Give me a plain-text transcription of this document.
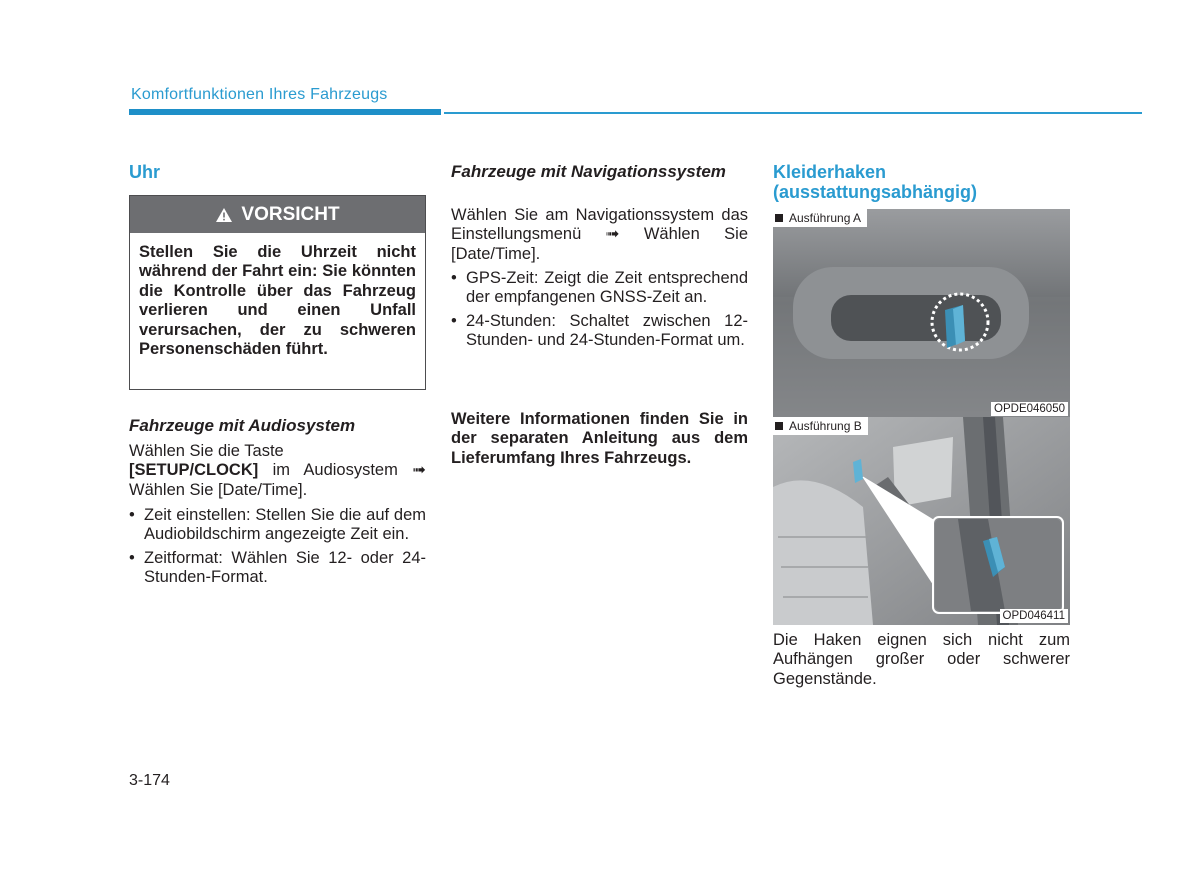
Komfortfunktionen Ihres Fahrzeugs
Uhr
VORSICHT
Stellen Sie die Uhrzeit nicht während der Fahrt ein: Sie könnten die Kontrolle über das Fahrzeug verlieren und einen Unfall verursachen, der zu schweren Personenschäden führt.
Fahrzeuge mit Audiosystem

Wählen Sie die Taste
[SETUP/CLOCK] im Audiosystem ➟ Wählen Sie [Date/Time].

• Zeit einstellen: Stellen Sie die auf dem Audiobildschirm angezeigte Zeit ein.
• Zeitformat: Wählen Sie 12- oder 24-Stunden-Format.
Fahrzeuge mit Navigationssystem

Wählen Sie am Navigationssystem das Einstellungsmenü ➟ Wählen Sie [Date/Time].

• GPS-Zeit: Zeigt die Zeit entsprechend der empfangenen GNSS-Zeit an.
• 24-Stunden: Schaltet zwischen 12-Stunden- und 24-Stunden-Format um.

Weitere Informationen finden Sie in der separaten Anleitung aus dem Lieferumfang Ihres Fahrzeugs.

Kleiderhaken (ausstattungsabhängig)
Ausführung A
OPDE046050
Ausführung B
OPD046411

Die Haken eignen sich nicht zum Aufhängen großer oder schwerer Gegenstände.

3-174
